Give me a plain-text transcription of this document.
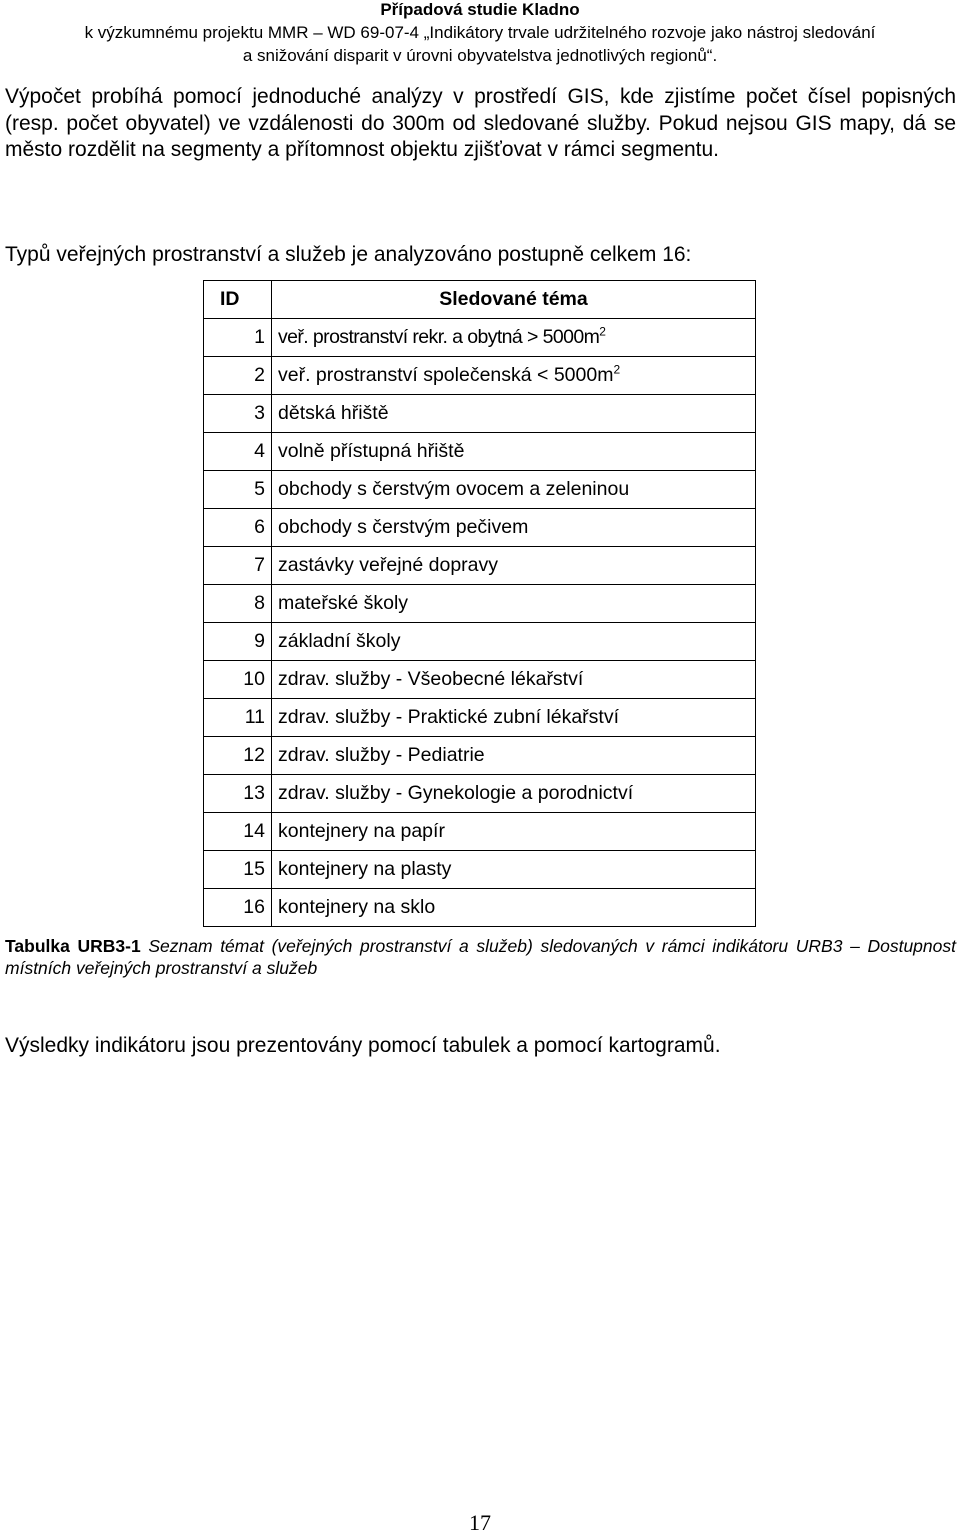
Případová studie Kladno
k výzkumnému projektu MMR – WD 69-07-4 „Indikátory trvale udržitelného rozvoje jako nástroj sledování
a snižování disparit v úrovni obyvatelstva jednotlivých regionů“.
Výpočet probíhá pomocí jednoduché analýzy v prostředí GIS, kde zjistíme počet čísel popisných (resp. počet obyvatel) ve vzdálenosti do 300m od sledované služby. Pokud nejsou GIS mapy, dá se město rozdělit na segmenty a přítomnost objektu zjišťovat v rámci segmentu.
Typů veřejných prostranství a služeb je analyzováno postupně celkem 16:
ID	Sledované téma
1	veř. prostranství rekr. a obytná > $5000m^2$
2	veř. prostranství společenská < $5000m^2$
3	dětská hřiště
4	volně přístupná hřiště
5	obchody s čerstvým ovocem a zeleninou
6	obchody s čerstvým pečivem
7	zastávky veřejné dopravy
8	mateřské školy
9	základní školy
10	zdrav. služby - Všeobecné lékařství
11	zdrav. služby - Praktické zubní lékařství
12	zdrav. služby - Pediatrie
13	zdrav. služby - Gynekologie a porodnictví
14	kontejnery na papír
15	kontejnery na plasty
16	kontejnery na sklo
Tabulka URB3-1 Seznam témat (veřejných prostranství a služeb) sledovaných v rámci indikátoru URB3 – Dostupnost místních veřejných prostranství a služeb
Výsledky indikátoru jsou prezentovány pomocí tabulek a pomocí kartogramů.
17
